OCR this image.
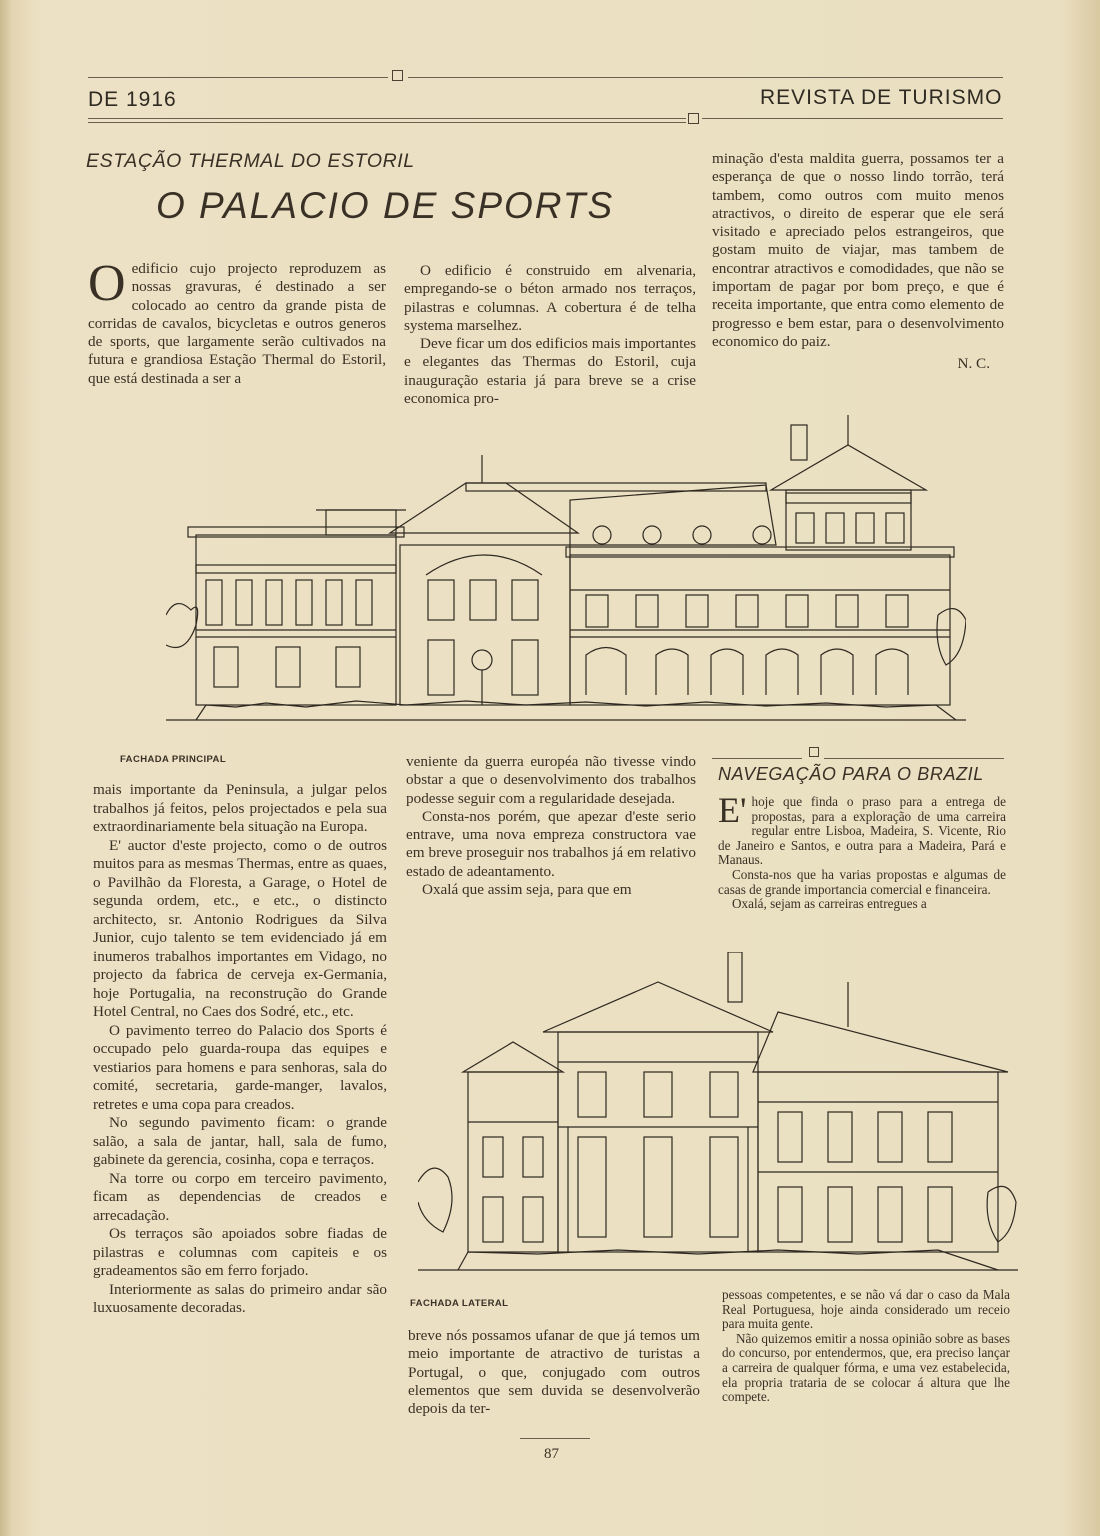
DE 1916	REVISTA DE TURISMO
ESTAÇÃO THERMAL DO ESTORIL
O PALACIO DE SPORTS
O edificio cujo projecto reproduzem as nossas gravuras, é destinado a ser colocado ao centro da grande pista de corridas de cavalos, bicycletas e outros generos de sports, que largamente serão cultivados na futura e grandiosa Estação Thermal do Estoril, que está destinada a ser a

O edificio é construido em alvenaria, empregando-se o béton armado nos terraços, pilastras e columnas. A cobertura é de telha systema marselhez.

Deve ficar um dos edificios mais importantes e elegantes das Thermas do Estoril, cuja inauguração estaria já para breve se a crise economica pro-

minação d'esta maldita guerra, possamos ter a esperança de que o nosso lindo torrão, terá tambem, como outros com muito menos atractivos, o direito de esperar que ele será visitado e apreciado pelos estrangeiros, que gostam muito de viajar, mas tambem de encontrar atractivos e comodidades, que não se importam de pagar por bom preço, e que é receita importante, que entra como elemento de progresso e bem estar, para o desenvolvimento economico do paiz.

N. C.
FACHADA PRINCIPAL

mais importante da Peninsula, a julgar pelos trabalhos já feitos, pelos projectados e pela sua extraordinariamente bela situação na Europa.

E' auctor d'este projecto, como o de outros muitos para as mesmas Thermas, entre as quaes, o Pavilhão da Floresta, a Garage, o Hotel de segunda ordem, etc., e etc., o distincto architecto, sr. Antonio Rodrigues da Silva Junior, cujo talento se tem evidenciado já em inumeros trabalhos importantes em Vidago, no projecto da fabrica de cerveja ex-Germania, hoje Portugalia, na reconstrução do Grande Hotel Central, no Caes dos Sodré, etc., etc.

O pavimento terreo do Palacio dos Sports é occupado pelo guarda-roupa das equipes e vestiarios para homens e para senhoras, sala do comité, secretaria, garde-manger, lavalos, retretes e uma copa para creados.

No segundo pavimento ficam: o grande salão, a sala de jantar, hall, sala de fumo, gabinete da gerencia, cosinha, copa e terraços.

Na torre ou corpo em terceiro pavimento, ficam as dependencias de creados e arrecadação.

Os terraços são apoiados sobre fiadas de pilastras e columnas com capiteis e os gradeamentos são em ferro forjado.

Interiormente as salas do primeiro andar são luxuosamente decoradas.

veniente da guerra européa não tivesse vindo obstar a que o desenvolvimento dos trabalhos podesse seguir com a regularidade desejada.

Consta-nos porém, que apezar d'este serio entrave, uma nova empreza constructora vae em breve proseguir nos trabalhos já em relativo estado de adeantamento.

Oxalá que assim seja, para que em

NAVEGAÇÃO PARA O BRAZIL
E' hoje que finda o praso para a entrega de propostas, para a exploração de uma carreira regular entre Lisboa, Madeira, S. Vicente, Rio de Janeiro e Santos, e outra para a Madeira, Pará e Manaus.

Consta-nos que ha varias propostas e algumas de casas de grande importancia comercial e financeira.

Oxalá, sejam as carreiras entregues a

FACHADA LATERAL

breve nós possamos ufanar de que já temos um meio importante de atractivo de turistas a Portugal, o que, conjugado com outros elementos que sem duvida se desenvolverão depois da ter-

pessoas competentes, e se não vá dar o caso da Mala Real Portuguesa, hoje ainda considerado um receio para muita gente.

Não quizemos emitir a nossa opinião sobre as bases do concurso, por entendermos, que, era preciso lançar a carreira de qualquer fórma, e uma vez estabelecida, ela propria trataria de se colocar á altura que lhe compete.

87
